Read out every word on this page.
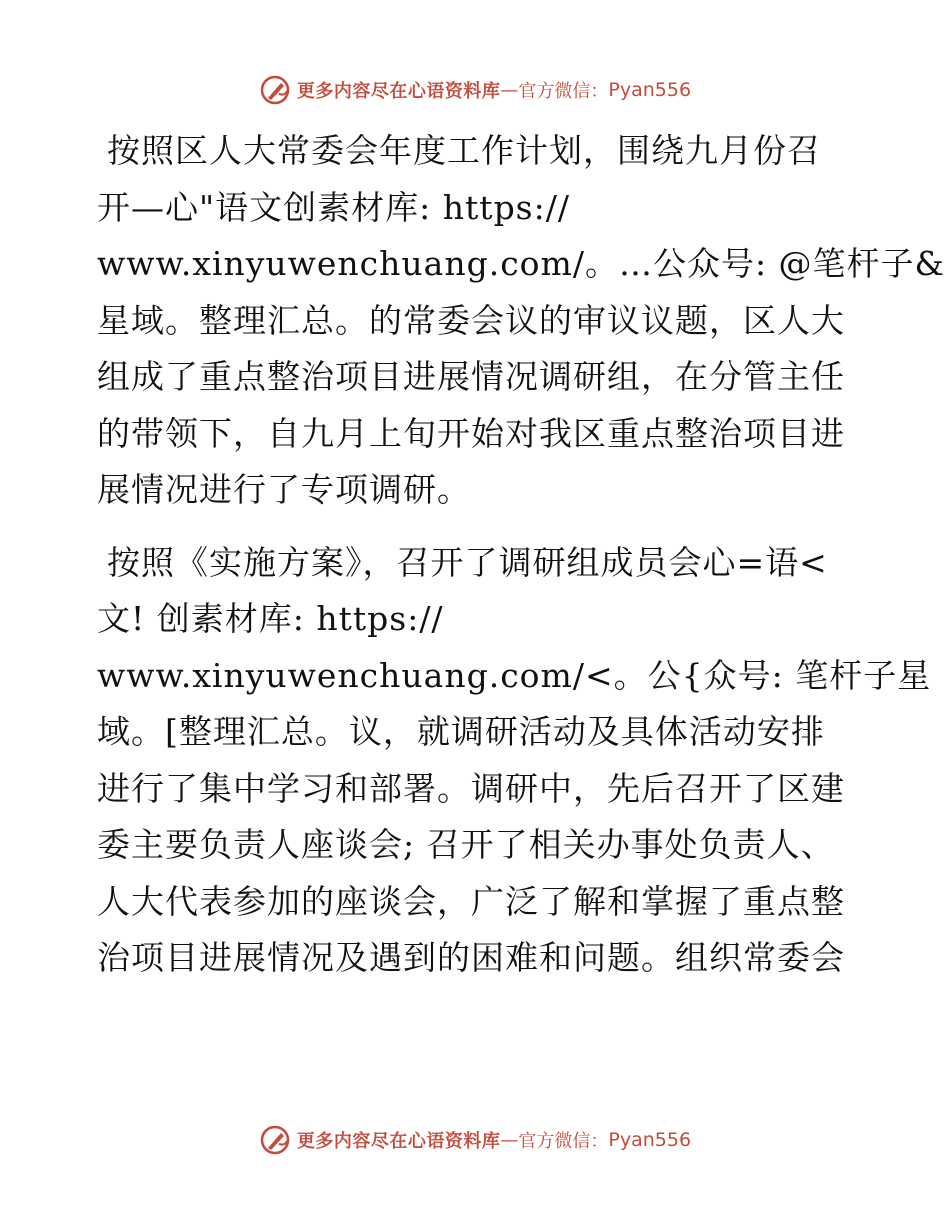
更多内容尽在心语资料库 — 官方微信： Pyan556

按照区人大常委会年度工作计划，围绕九月份召
开—心"语文创素材库: https://
www.xinyuwenchuang.com/。…公众号: @笔杆子&
星域。整理汇总。的常委会议的审议议题，区人大
组成了重点整治项目进展情况调研组，在分管主任
的带领下，自九月上旬开始对我区重点整治项目进
展情况进行了专项调研。

按照《实施方案》，召开了调研组成员会心=语<
文! 创素材库: https://
www.xinyuwenchuang.com/<。公{众号: 笔杆子星
域。[整理汇总。议，就调研活动及具体活动安排
进行了集中学习和部署。调研中，先后召开了区建
委主要负责人座谈会; 召开了相关办事处负责人、
人大代表参加的座谈会，广泛了解和掌握了重点整
治项目进展情况及遇到的困难和问题。组织常委会

更多内容尽在心语资料库 — 官方微信： Pyan556
